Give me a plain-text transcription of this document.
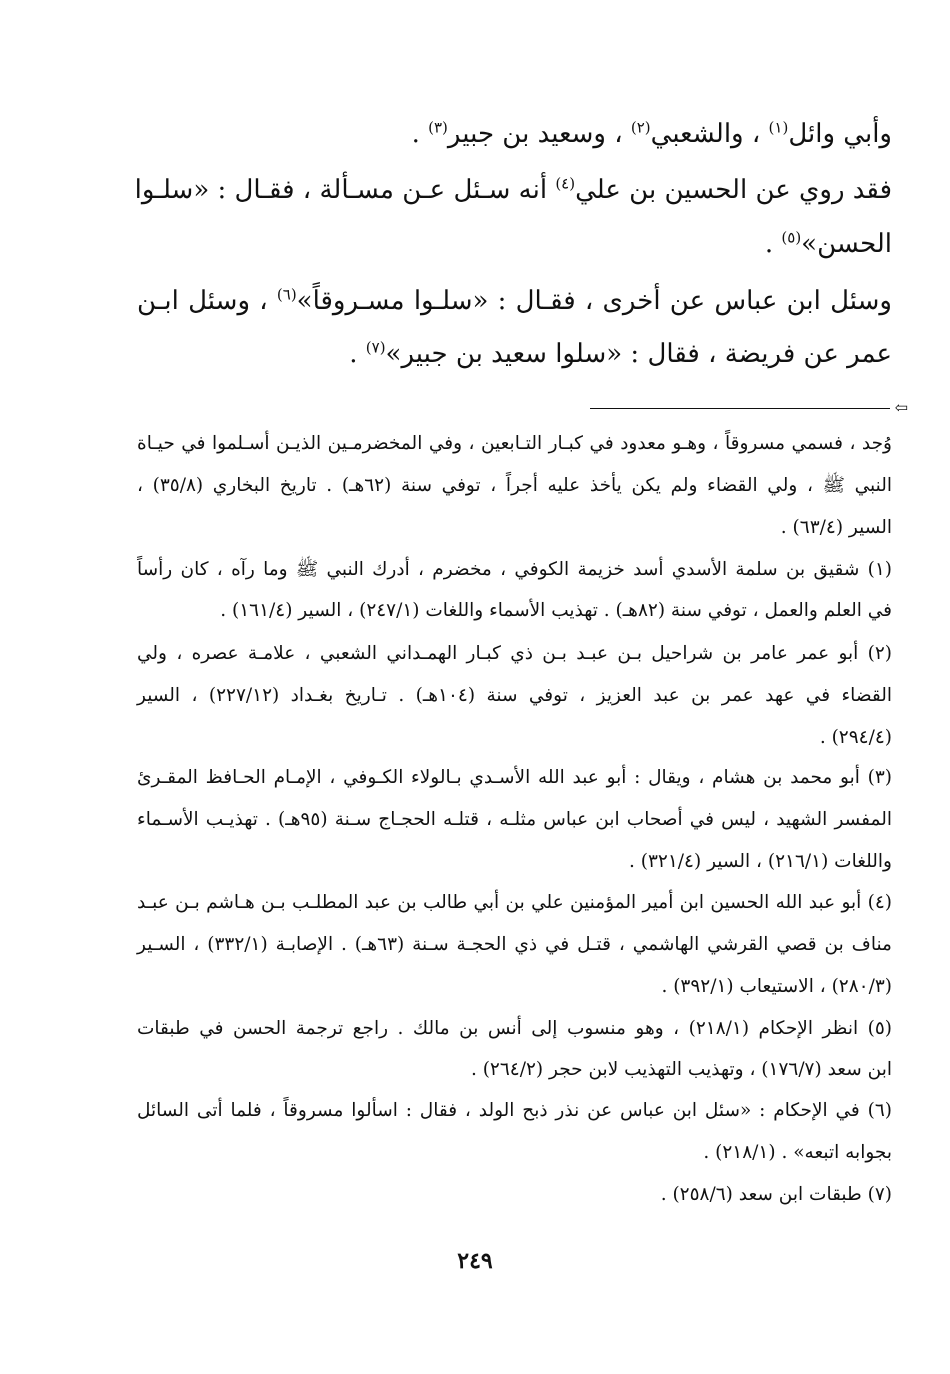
وأبي وائل$^{(١)}$ ، والشعبي$^{(٢)}$ ، وسعيد بن جبير$^{(٣)}$ .
فقد روي عن الحسين بن علي$^{(٤)}$ أنه سـئل عـن مسـألة ، فقـال : «سلـوا
الحسن»$^{(٥)}$ .
وسئل ابن عباس عن أخرى ، فقـال : «سلـوا مسـروقاً»$^{(٦)}$ ، وسئل ابـن
عمر عن فريضة ، فقال : «سلوا سعيد بن جبير»$^{(٧)}$ .
⇦
وُجد ، فسمي مسروقاً ، وهـو معدود في كبـار التـابعين ، وفي المخضرمـين الذيـن أسـلموا في حيـاة
النبي ﷺ ، ولي القضاء ولم يكن يأخذ عليه أجراً ، توفي سنة (٦٢هـ) . تاريخ البخاري (٣٥/٨) ،
السير (٦٣/٤) .
(١) شقيق بن سلمة الأسدي أسد خزيمة الكوفي ، مخضرم ، أدرك النبي ﷺ وما رآه ، كان رأساً
في العلم والعمل ، توفي سنة (٨٢هـ) . تهذيب الأسماء واللغات (٢٤٧/١) ، السير (١٦١/٤) .
(٢) أبو عمر عامر بن شراحيل بـن عبـد بـن ذي كبـار الهمـداني الشعبي ، علامـة عصره ، ولي
القضاء في عهد عمر بن عبد العزيز ، توفي سنة (١٠٤هـ) . تـاريخ بغـداد (٢٢٧/١٢) ، السير
(٢٩٤/٤) .
(٣) أبو محمد بن هشام ، ويقال : أبو عبد الله الأسـدي بـالولاء الكـوفي ، الإمـام الحـافظ المقـرئ
المفسر الشهيد ، ليس في أصحاب ابن عباس مثلـه ، قتلـه الحجـاج سـنة (٩٥هـ) . تهذيـب الأسـماء
واللغات (٢١٦/١) ، السير (٣٢١/٤) .
(٤) أبو عبد الله الحسين ابن أمير المؤمنين علي بن أبي طالب بن عبد المطلـب بـن هـاشم بـن عبـد
مناف بن قصي القرشي الهاشمي ، قتـل في ذي الحجـة سـنة (٦٣هـ) . الإصابـة (٣٣٢/١) ، السـير
(٢٨٠/٣) ، الاستيعاب (٣٩٢/١) .
(٥) انظر الإحكام (٢١٨/١) ، وهو منسوب إلى أنس بن مالك . راجع ترجمة الحسن في طبقات
ابن سعد (١٧٦/٧) ، وتهذيب التهذيب لابن حجر (٢٦٤/٢) .
(٦) في الإحكام : «سئل ابن عباس عن نذر ذبح الولد ، فقال : اسألوا مسروقاً ، فلما أتى السائل
بجوابه اتبعه» . (٢١٨/١) .
(٧) طبقات ابن سعد (٢٥٨/٦) .
٢٤٩
